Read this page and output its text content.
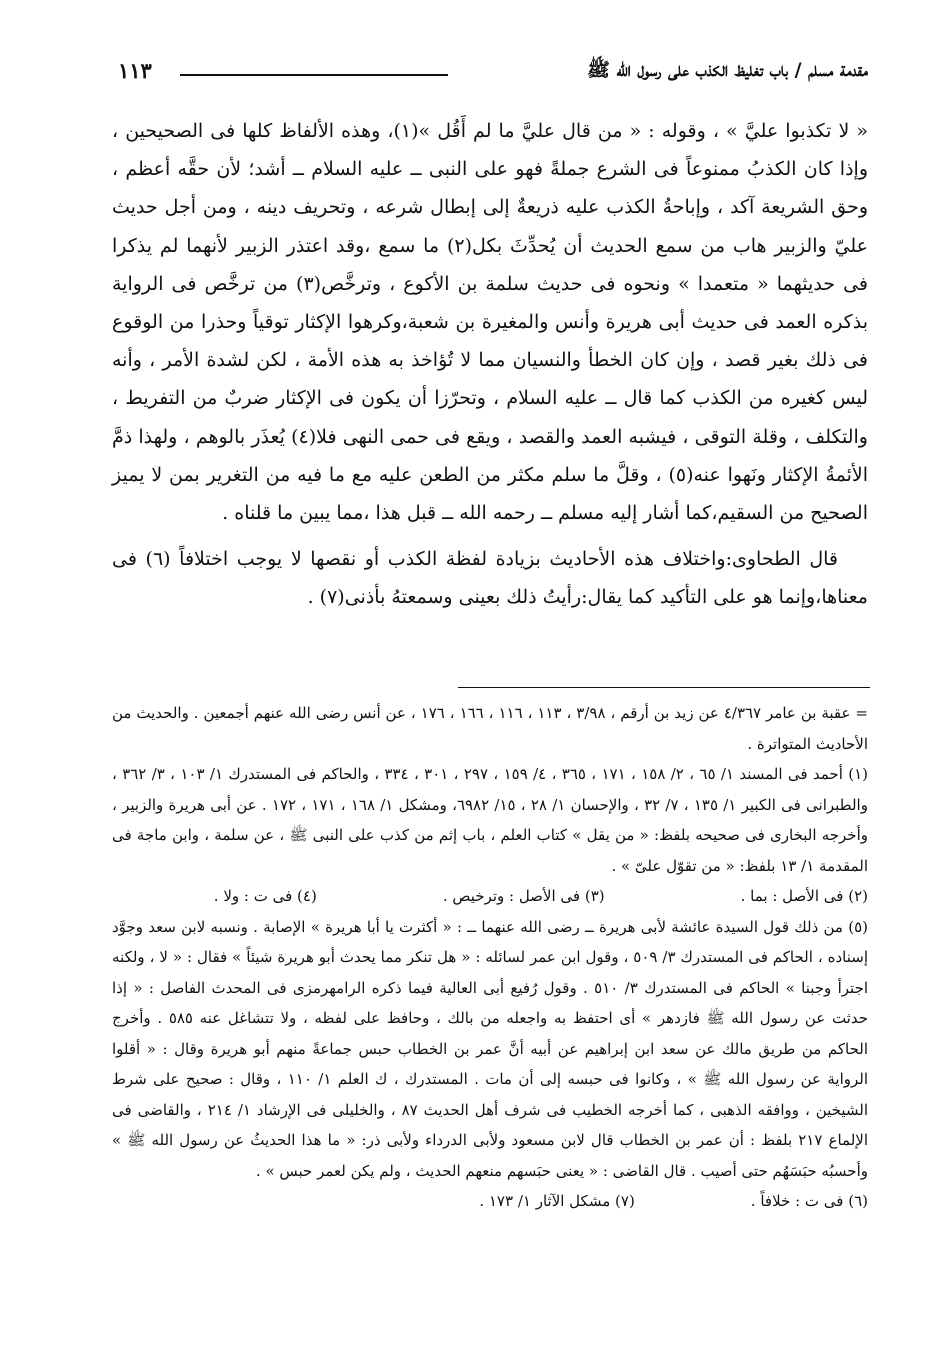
مقدمة مسلم / باب تغليظ الكذب على رسول الله ﷺ
١١٣

« لا تكذبوا عليَّ » ، وقوله : « من قال عليَّ ما لم أَقُل »(١)، وهذه الألفاظ كلها فى الصحيحين ، وإذا كان الكذبُ ممنوعاً فى الشرع جملةً فهو على النبى ــ عليه السلام ــ أشد؛ لأن حقَّه أعظم ، وحق الشريعة آكد ، وإباحةُ الكذب عليه ذريعةٌ إلى إبطال شرعه ، وتحريف دينه ، ومن أجل حديث عليّ والزبير هاب من سمع الحديث أن يُحدِّثَ بكل(٢) ما سمع ،وقد اعتذر الزبير لأنهما لم يذكرا فى حديثهما « متعمدا » ونحوه فى حديث سلمة بن الأكوع ، وترخَّص(٣) من ترخَّص فى الرواية بذكره العمد فى حديث أبى هريرة وأنس والمغيرة بن شعبة،وكرهوا الإكثار توقياً وحذرا من الوقوع فى ذلك بغير قصد ، وإن كان الخطأ والنسيان مما لا تُؤاخذ به هذه الأمة ، لكن لشدة الأمر ، وأنه ليس كغيره من الكذب كما قال ــ عليه السلام ، وتحرّزا أن يكون فى الإكثار ضربٌ من التفريط ، والتكلف ، وقلة التوقى ، فيشبه العمد والقصد ، ويقع فى حمى النهى فلا(٤) يُعذَر بالوهم ، ولهذا ذمَّ الأئمةُ الإكثار ونَهوا عنه(٥) ، وقلَّ ما سلم مكثر من الطعن عليه مع ما فيه من التغرير بمن لا يميز الصحيح من السقيم،كما أشار إليه مسلم ــ رحمه الله ــ قبل هذا ،مما يبين ما قلناه .

قال الطحاوى:واختلاف هذه الأحاديث بزيادة لفظة الكذب أو نقصها لا يوجب اختلافاً (٦) فى معناها،وإنما هو على التأكيد كما يقال:رأيتُ ذلك بعينى وسمعتهُ بأذنى(٧) .

= عقبة بن عامر ٤/٣٦٧ عن زيد بن أرقم ، ٣/٩٨ ، ١١٣ ، ١١٦ ، ١٦٦ ، ١٧٦ ، عن أنس رضى الله عنهم أجمعين . والحديث من الأحاديث المتواترة .

(١) أحمد فى المسند ١/ ٦٥ ، ٢/ ١٥٨ ، ١٧١ ، ٣٦٥ ، ٤/ ١٥٩ ، ٢٩٧ ، ٣٠١ ، ٣٣٤ ، والحاكم فى المستدرك ١/ ١٠٣ ، ٣/ ٣٦٢ ، والطبرانى فى الكبير ١/ ١٣٥ ، ٧/ ٣٢ ، والإحسان ١/ ٢٨ ، ١٥/ ٦٩٨٢، ومشكل ١/ ١٦٨ ، ١٧١ ، ١٧٢ . عن أبى هريرة والزبير ، وأخرجه البخارى فى صحيحه بلفظ: « من يقل » كتاب العلم ، باب إثم من كذب على النبى ﷺ ، عن سلمة ، وابن ماجة فى المقدمة ١/ ١٣ بلفظ: « من تقوّل علىّ » .

(٢) فى الأصل : بما .
(٣) فى الأصل : وترخيص .
(٤) فى ت : ولا .

(٥) من ذلك قول السيدة عائشة لأبى هريرة ــ رضى الله عنهما ــ : « أكثرت يا أبا هريرة » الإصابة . ونسبه لابن سعد وجوَّد إسناده ، الحاكم فى المستدرك ٣/ ٥٠٩ ، وقول ابن عمر لسائله : « هل تنكر مما يحدث أبو هريرة شيئاً » فقال : « لا ، ولكنه اجترأ وجبنا » الحاكم فى المستدرك ٣/ ٥١٠ . وقول رُفيع أبى العالية فيما ذكره الرامهرمزى فى المحدث الفاصل : « إذا حدثت عن رسول الله ﷺ فازدهر » أى احتفظ به واجعله من بالك ، وحافظ على لفظه ، ولا تتشاغل عنه ٥٨٥ . وأخرج الحاكم من طريق مالك عن سعد ابن إبراهيم عن أبيه أنَّ عمر بن الخطاب حبس جماعةً منهم أبو هريرة وقال : « أقلوا الرواية عن رسول الله ﷺ » ، وكانوا فى حبسه إلى أن مات . المستدرك ، ك العلم ١/ ١١٠ ، وقال : صحيح على شرط الشيخين ، ووافقه الذهبى ، كما أخرجه الخطيب فى شرف أهل الحديث ٨٧ ، والخليلى فى الإرشاد ١/ ٢١٤ ، والقاضى فى الإلماع ٢١٧ بلفظ : أن عمر بن الخطاب قال لابن مسعود ولأبى الدرداء ولأبى ذر: « ما هذا الحديثُ عن رسول الله ﷺ » وأحسبُه حبَسَهُم حتى أصيب . قال القاضى : « يعنى حبَسهم منعهم الحديث ، ولم يكن لعمر حبس » .

(٦) فى ت : خلافاً .
(٧) مشكل الآثار ١/ ١٧٣ .
